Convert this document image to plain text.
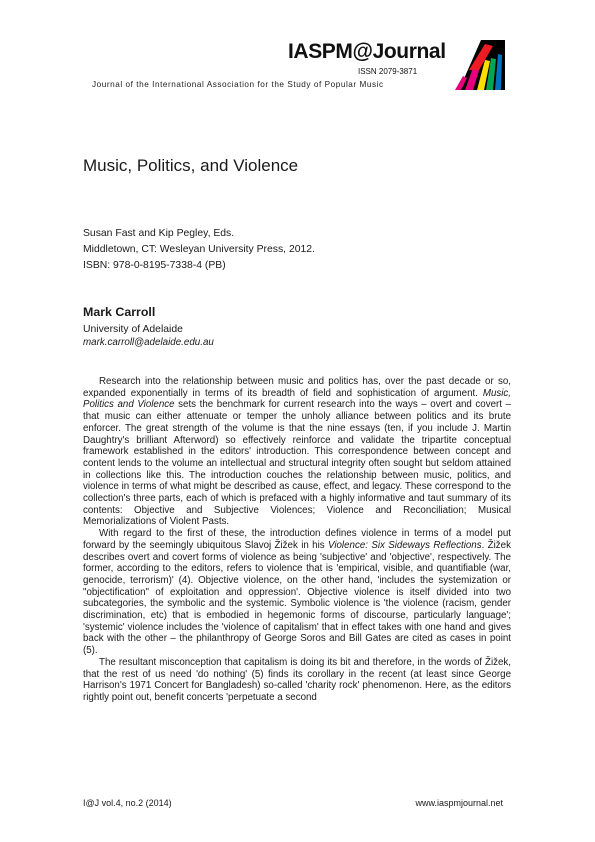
IASPM@Journal
ISSN 2079-3871
Journal of the International Association for the Study of Popular Music
Music, Politics, and Violence
Susan Fast and Kip Pegley, Eds.
Middletown, CT: Wesleyan University Press, 2012.
ISBN: 978-0-8195-7338-4 (PB)
Mark Carroll
University of Adelaide
mark.carroll@adelaide.edu.au

Research into the relationship between music and politics has, over the past decade or so, expanded exponentially in terms of its breadth of field and sophistication of argument. Music, Politics and Violence sets the benchmark for current research into the ways – overt and covert – that music can either attenuate or temper the unholy alliance between politics and its brute enforcer. The great strength of the volume is that the nine essays (ten, if you include J. Martin Daughtry's brilliant Afterword) so effectively reinforce and validate the tripartite conceptual framework established in the editors' introduction. This correspondence between concept and content lends to the volume an intellectual and structural integrity often sought but seldom attained in collections like this. The introduction couches the relationship between music, politics, and violence in terms of what might be described as cause, effect, and legacy. These correspond to the collection's three parts, each of which is prefaced with a highly informative and taut summary of its contents: Objective and Subjective Violences; Violence and Reconciliation; Musical Memorializations of Violent Pasts.

With regard to the first of these, the introduction defines violence in terms of a model put forward by the seemingly ubiquitous Slavoj Žižek in his Violence: Six Sideways Reflections. Žižek describes overt and covert forms of violence as being 'subjective' and 'objective', respectively. The former, according to the editors, refers to violence that is 'empirical, visible, and quantifiable (war, genocide, terrorism)' (4). Objective violence, on the other hand, 'includes the systemization or "objectification" of exploitation and oppression'. Objective violence is itself divided into two subcategories, the symbolic and the systemic. Symbolic violence is 'the violence (racism, gender discrimination, etc) that is embodied in hegemonic forms of discourse, particularly language'; 'systemic' violence includes the 'violence of capitalism' that in effect takes with one hand and gives back with the other – the philanthropy of George Soros and Bill Gates are cited as cases in point (5).

The resultant misconception that capitalism is doing its bit and therefore, in the words of Žižek, that the rest of us need 'do nothing' (5) finds its corollary in the recent (at least since George Harrison's 1971 Concert for Bangladesh) so-called 'charity rock' phenomenon. Here, as the editors rightly point out, benefit concerts 'perpetuate a second

I@J vol.4, no.2 (2014)	www.iaspmjournal.net
